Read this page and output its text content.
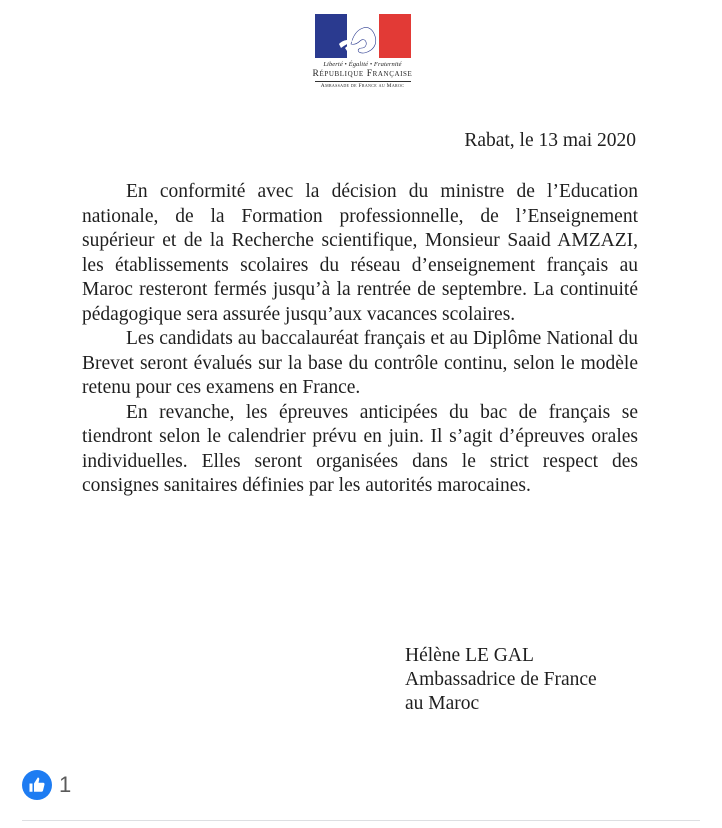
Liberté • Égalité • Fraternité
République Française
Ambassade de France au Maroc
Rabat, le 13 mai 2020

En conformité avec la décision du ministre de l’Education nationale, de la Formation professionnelle, de l’Enseignement supérieur et de la Recherche scientifique, Monsieur Saaid AMZAZI, les établissements scolaires du réseau d’enseignement français au Maroc resteront fermés jusqu’à la rentrée de septembre. La continuité pédagogique sera assurée jusqu’aux vacances scolaires.

Les candidats au baccalauréat français et au Diplôme National du Brevet seront évalués sur la base du contrôle continu, selon le modèle retenu pour ces examens en France.

En revanche, les épreuves anticipées du bac de français se tiendront selon le calendrier prévu en juin. Il s’agit d’épreuves orales individuelles. Elles seront organisées dans le strict respect des consignes sanitaires définies par les autorités marocaines.

Hélène LE GAL
Ambassadrice de France
au Maroc
1
